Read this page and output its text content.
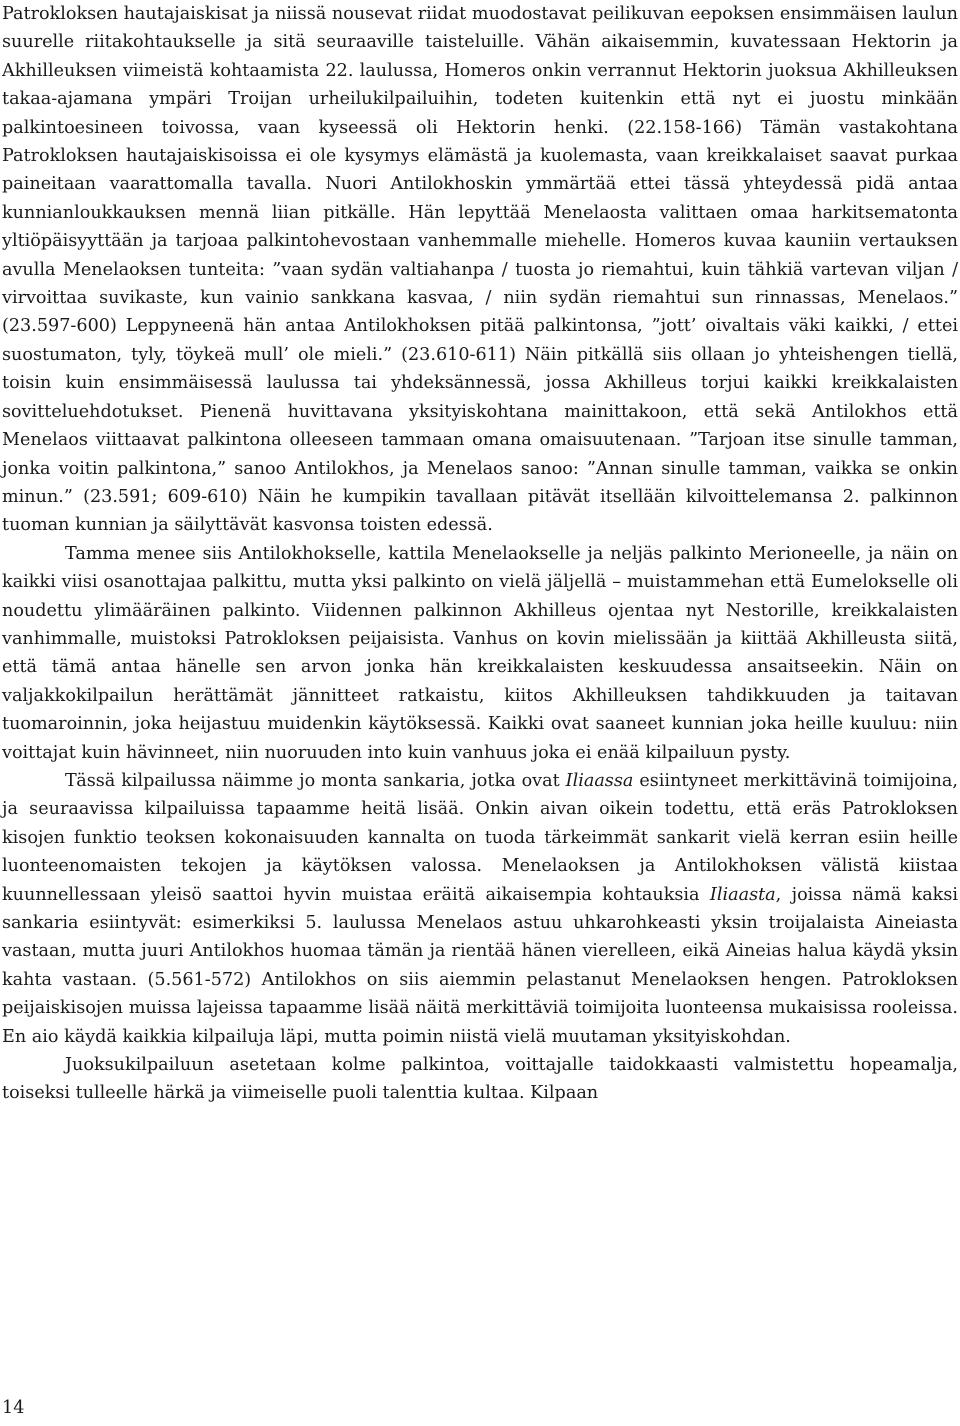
Patrokloksen hautajaiskisat ja niissä nousevat riidat muodostavat peilikuvan eepoksen ensimmäisen laulun suurelle riitakohtaukselle ja sitä seuraaville taisteluille. Vähän aikaisemmin, kuvatessaan Hektorin ja Akhilleuksen viimeistä kohtaamista 22. laulussa, Homeros onkin verrannut Hektorin juoksua Akhilleuksen takaa-ajamana ympäri Troijan urheilukilpailuihin, todeten kuitenkin että nyt ei juostu minkään palkintoesineen toivossa, vaan kyseessä oli Hektorin henki. (22.158-166) Tämän vastakohtana Patrokloksen hautajaiskisoissa ei ole kysymys elämästä ja kuolemasta, vaan kreikkalaiset saavat purkaa paineitaan vaarattomalla tavalla. Nuori Antilokhoskin ymmärtää ettei tässä yhteydessä pidä antaa kunnianloukkauksen mennä liian pitkälle. Hän lepyttää Menelaosta valittaen omaa harkitsematonta yltiöpäisyyttään ja tarjoaa palkintohevostaan vanhemmalle miehelle. Homeros kuvaa kauniin vertauksen avulla Menelaoksen tunteita: ”vaan sydän valtiahanpa / tuosta jo riemahtui, kuin tähkiä vartevan viljan / virvoittaa suvikaste, kun vainio sankkana kasvaa, / niin sydän riemahtui sun rinnassas, Menelaos.” (23.597-600) Leppyneenä hän antaa Antilokhoksen pitää palkintonsa, ”jott’ oivaltais väki kaikki, / ettei suostumaton, tyly, töykeä mull’ ole mieli.” (23.610-611) Näin pitkällä siis ollaan jo yhteishengen tiellä, toisin kuin ensimmäisessä laulussa tai yhdeksännessä, jossa Akhilleus torjui kaikki kreikkalaisten sovitteluehdotukset. Pienenä huvittavana yksityiskohtana mainittakoon, että sekä Antilokhos että Menelaos viittaavat palkintona olleeseen tammaan omana omaisuutenaan. ”Tarjoan itse sinulle tamman, jonka voitin palkintona,” sanoo Antilokhos, ja Menelaos sanoo: ”Annan sinulle tamman, vaikka se onkin minun.” (23.591; 609-610) Näin he kumpikin tavallaan pitävät itsellään kilvoittelemansa 2. palkinnon tuoman kunnian ja säilyttävät kasvonsa toisten edessä.

Tamma menee siis Antilokhokselle, kattila Menelaokselle ja neljäs palkinto Merioneelle, ja näin on kaikki viisi osanottajaa palkittu, mutta yksi palkinto on vielä jäljellä – muistammehan että Eumelokselle oli noudettu ylimääräinen palkinto. Viidennen palkinnon Akhilleus ojentaa nyt Nestorille, kreikkalaisten vanhimmalle, muistoksi Patrokloksen peijaisista. Vanhus on kovin mielissään ja kiittää Akhilleusta siitä, että tämä antaa hänelle sen arvon jonka hän kreikkalaisten keskuudessa ansaitseekin. Näin on valjakkokilpailun herättämät jännitteet ratkaistu, kiitos Akhilleuksen tahdikkuuden ja taitavan tuomaroinnin, joka heijastuu muidenkin käytöksessä. Kaikki ovat saaneet kunnian joka heille kuuluu: niin voittajat kuin hävinneet, niin nuoruuden into kuin vanhuus joka ei enää kilpailuun pysty.

Tässä kilpailussa näimme jo monta sankaria, jotka ovat Iliaassa esiintyneet merkittävinä toimijoina, ja seuraavissa kilpailuissa tapaamme heitä lisää. Onkin aivan oikein todettu, että eräs Patrokloksen kisojen funktio teoksen kokonaisuuden kannalta on tuoda tärkeimmät sankarit vielä kerran esiin heille luonteenomaisten tekojen ja käytöksen valossa. Menelaoksen ja Antilokhoksen välistä kiistaa kuunnellessaan yleisö saattoi hyvin muistaa eräitä aikaisempia kohtauksia Iliaasta, joissa nämä kaksi sankaria esiintyvät: esimerkiksi 5. laulussa Menelaos astuu uhkarohkeasti yksin troijalaista Aineiasta vastaan, mutta juuri Antilokhos huomaa tämän ja rientää hänen vierelleen, eikä Aineias halua käydä yksin kahta vastaan. (5.561-572) Antilokhos on siis aiemmin pelastanut Menelaoksen hengen. Patrokloksen peijaiskisojen muissa lajeissa tapaamme lisää näitä merkittäviä toimijoita luonteensa mukaisissa rooleissa. En aio käydä kaikkia kilpailuja läpi, mutta poimin niistä vielä muutaman yksityiskohdan.

Juoksukilpailuun asetetaan kolme palkintoa, voittajalle taidokkaasti valmistettu hopeamalja, toiseksi tulleelle härkä ja viimeiselle puoli talenttia kultaa. Kilpaan

14
